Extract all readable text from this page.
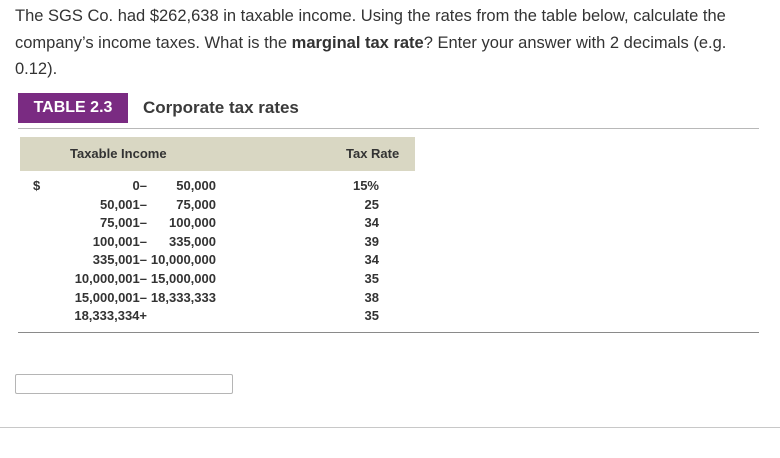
The SGS Co. had $262,638 in taxable income. Using the rates from the table below, calculate the company’s income taxes. What is the marginal tax rate? Enter your answer with 2 decimals (e.g. 0.12).
TABLE 2.3	Corporate tax rates
Taxable Income	Tax Rate
$	0– 50,000	15%
50,001– 75,000	25
75,001– 100,000	34
100,001– 335,000	39
335,001– 10,000,000	34
10,000,001– 15,000,000	35
15,000,001– 18,333,333	38
18,333,334+	35
